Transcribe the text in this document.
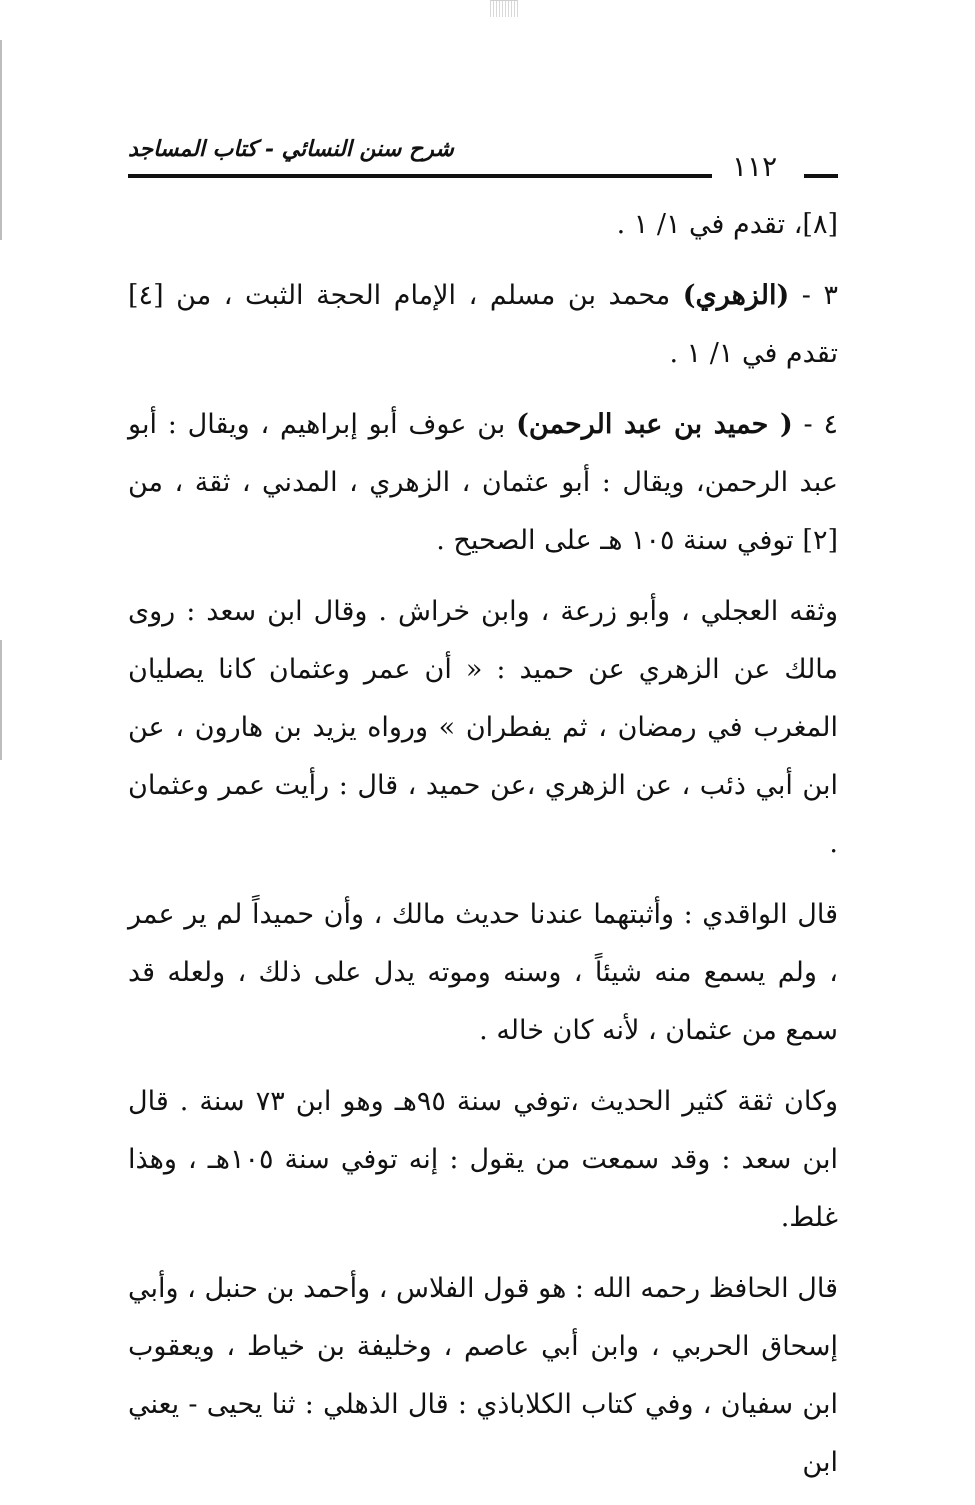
شرح سنن النسائي - كتاب المساجد
١١٢

[٨]، تقدم في ١/ ١ .

٣ - (الزهري) محمد بن مسلم ، الإمام الحجة الثبت ، من [٤] تقدم في ١/ ١ .

٤ - ( حميد بن عبد الرحمن) بن عوف أبو إبراهيم ، ويقال : أبو عبد الرحمن، ويقال : أبو عثمان ، الزهري ، المدني ، ثقة ، من [٢] توفي سنة ١٠٥ هـ على الصحيح .

وثقه العجلي ، وأبو زرعة ، وابن خراش . وقال ابن سعد : روى مالك عن الزهري عن حميد : « أن عمر وعثمان كانا يصليان المغرب في رمضان ، ثم يفطران » ورواه يزيد بن هارون ، عن ابن أبي ذئب ، عن الزهري ،عن حميد ، قال : رأيت عمر وعثمان .

قال الواقدي : وأثبتهما عندنا حديث مالك ، وأن حميداً لم ير عمر ، ولم يسمع منه شيئاً ، وسنه وموته يدل على ذلك ، ولعله قد سمع من عثمان ، لأنه كان خاله .

وكان ثقة كثير الحديث ،توفي سنة ٩٥هـ وهو ابن ٧٣ سنة . قال ابن سعد : وقد سمعت من يقول : إنه توفي سنة ١٠٥هـ ، وهذا غلط.

قال الحافظ رحمه الله : هو قول الفلاس ، وأحمد بن حنبل ، وأبي إسحاق الحربي ، وابن أبي عاصم ، وخليفة بن خياط ، ويعقوب ابن سفيان ، وفي كتاب الكلاباذي : قال الذهلي : ثنا يحيى - يعني ابن
